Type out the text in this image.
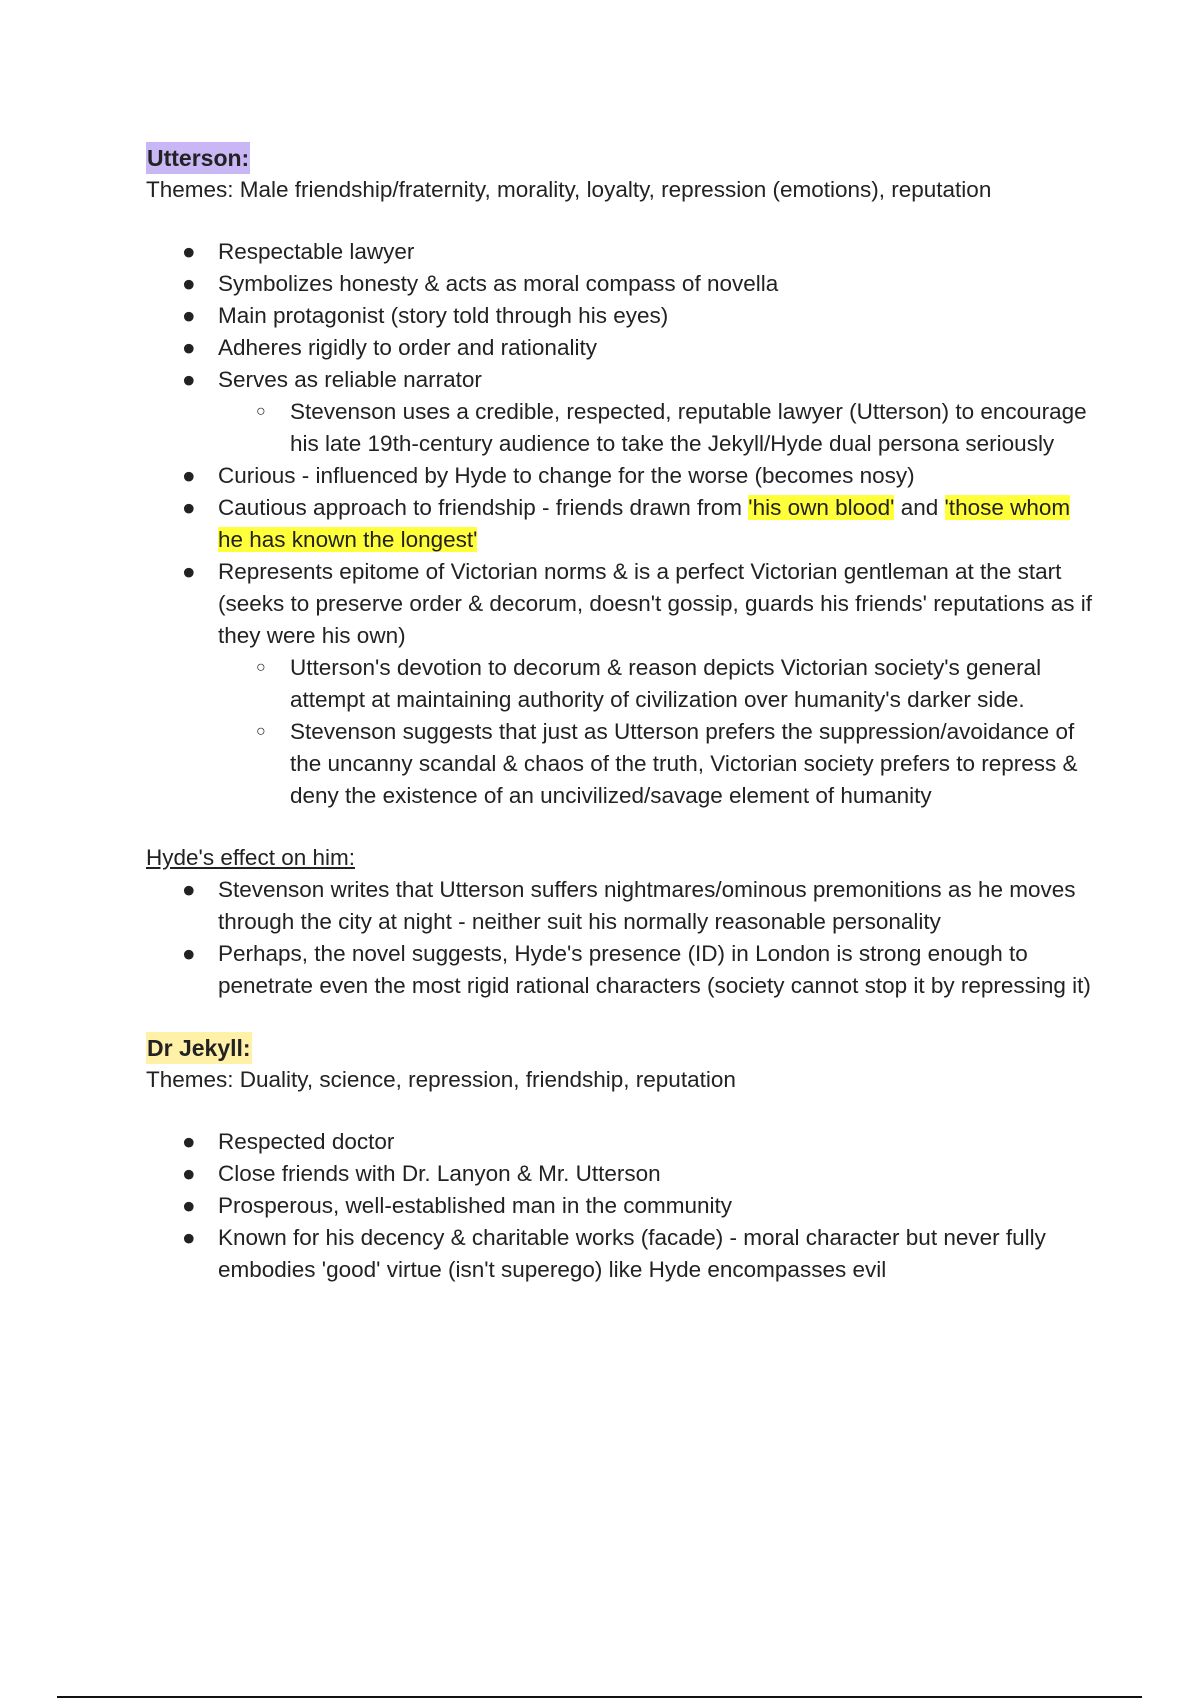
Utterson:

Themes: Male friendship/fraternity, morality, loyalty, repression (emotions), reputation

● Respectable lawyer
● Symbolizes honesty & acts as moral compass of novella
● Main protagonist (story told through his eyes)
● Adheres rigidly to order and rationality
● Serves as reliable narrator
○ Stevenson uses a credible, respected, reputable lawyer (Utterson) to encourage his late 19th-century audience to take the Jekyll/Hyde dual persona seriously
● Curious - influenced by Hyde to change for the worse (becomes nosy)
● Cautious approach to friendship - friends drawn from 'his own blood' and 'those whom he has known the longest'
● Represents epitome of Victorian norms & is a perfect Victorian gentleman at the start (seeks to preserve order & decorum, doesn't gossip, guards his friends' reputations as if they were his own)
○ Utterson's devotion to decorum & reason depicts Victorian society's general attempt at maintaining authority of civilization over humanity's darker side.
○ Stevenson suggests that just as Utterson prefers the suppression/avoidance of the uncanny scandal & chaos of the truth, Victorian society prefers to repress & deny the existence of an uncivilized/savage element of humanity

Hyde's effect on him:

● Stevenson writes that Utterson suffers nightmares/ominous premonitions as he moves through the city at night - neither suit his normally reasonable personality
● Perhaps, the novel suggests, Hyde's presence (ID) in London is strong enough to penetrate even the most rigid rational characters (society cannot stop it by repressing it)
Dr Jekyll:

Themes: Duality, science, repression, friendship, reputation

● Respected doctor
● Close friends with Dr. Lanyon & Mr. Utterson
● Prosperous, well-established man in the community
● Known for his decency & charitable works (facade) - moral character but never fully embodies 'good' virtue (isn't superego) like Hyde encompasses evil
